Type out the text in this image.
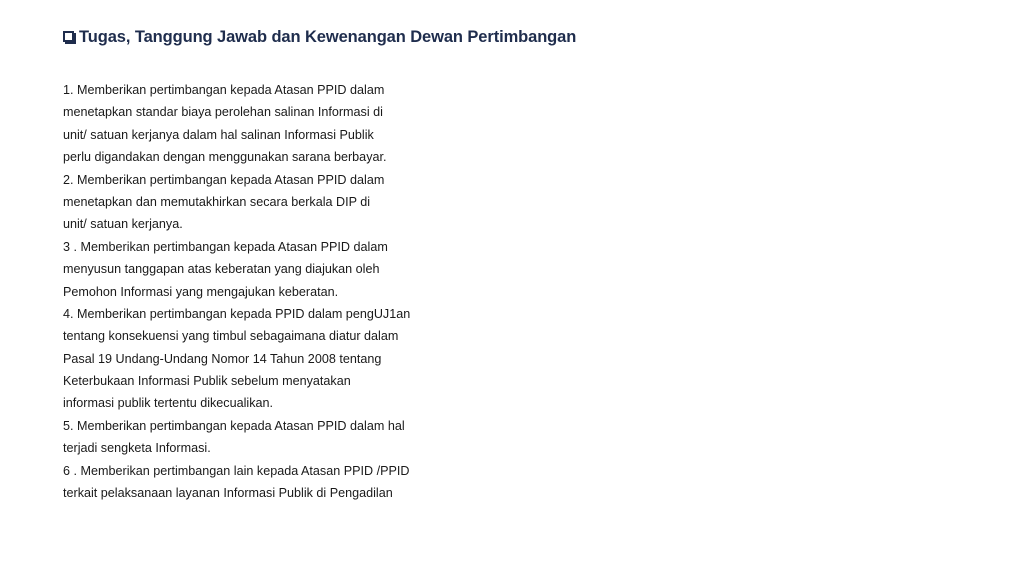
Tugas, Tanggung Jawab dan Kewenangan Dewan Pertimbangan
1. Memberikan pertimbangan kepada Atasan PPID dalam
menetapkan standar biaya perolehan salinan Informasi di
unit/ satuan kerjanya dalam hal salinan Informasi Publik
perlu digandakan dengan menggunakan sarana berbayar.
2. Memberikan pertimbangan kepada Atasan PPID dalam
menetapkan dan memutakhirkan secara berkala DIP di
unit/ satuan kerjanya.
3 . Memberikan pertimbangan kepada Atasan PPID dalam
menyusun tanggapan atas keberatan yang diajukan oleh
Pemohon Informasi yang mengajukan keberatan.
4. Memberikan pertimbangan kepada PPID dalam pengUJ1an
tentang konsekuensi yang timbul sebagaimana diatur dalam
Pasal 19 Undang-Undang Nomor 14 Tahun 2008 tentang
Keterbukaan Informasi Publik sebelum menyatakan
informasi publik tertentu dikecualikan.
5. Memberikan pertimbangan kepada Atasan PPID dalam hal
terjadi sengketa Informasi.
6 . Memberikan pertimbangan lain kepada Atasan PPID /PPID
terkait pelaksanaan layanan Informasi Publik di Pengadilan
